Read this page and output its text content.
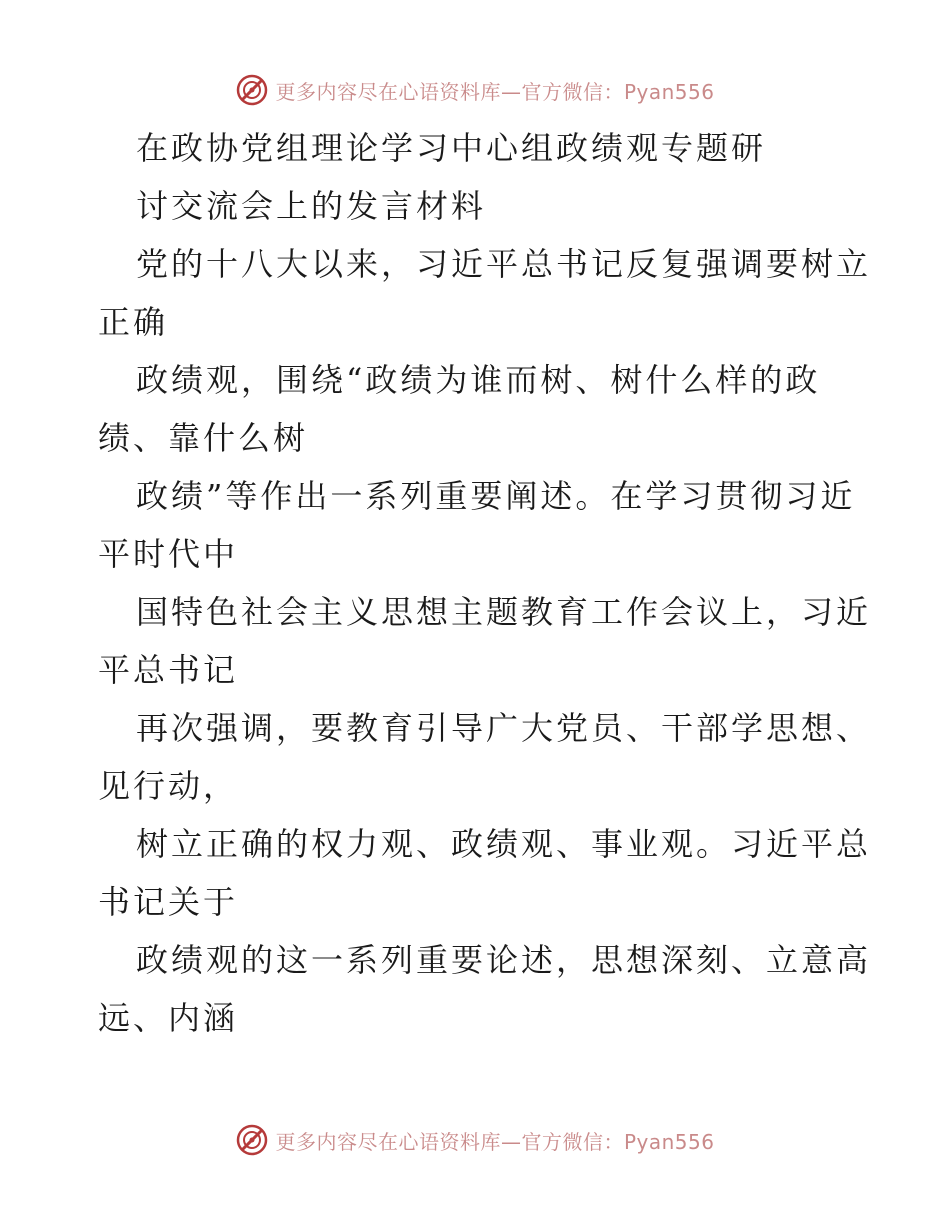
更多内容尽在心语资料库—官方微信：Pyan556
在政协党组理论学习中心组政绩观专题研
讨交流会上的发言材料
党的十八大以来，习近平总书记反复强调要树立
正确
政绩观，围绕“政绩为谁而树、树什么样的政
绩、靠什么树
政绩”等作出一系列重要阐述。在学习贯彻习近
平时代中
国特色社会主义思想主题教育工作会议上，习近
平总书记
再次强调，要教育引导广大党员、干部学思想、
见行动，
树立正确的权力观、政绩观、事业观。习近平总
书记关于
政绩观的这一系列重要论述，思想深刻、立意高
远、内涵
更多内容尽在心语资料库—官方微信：Pyan556
